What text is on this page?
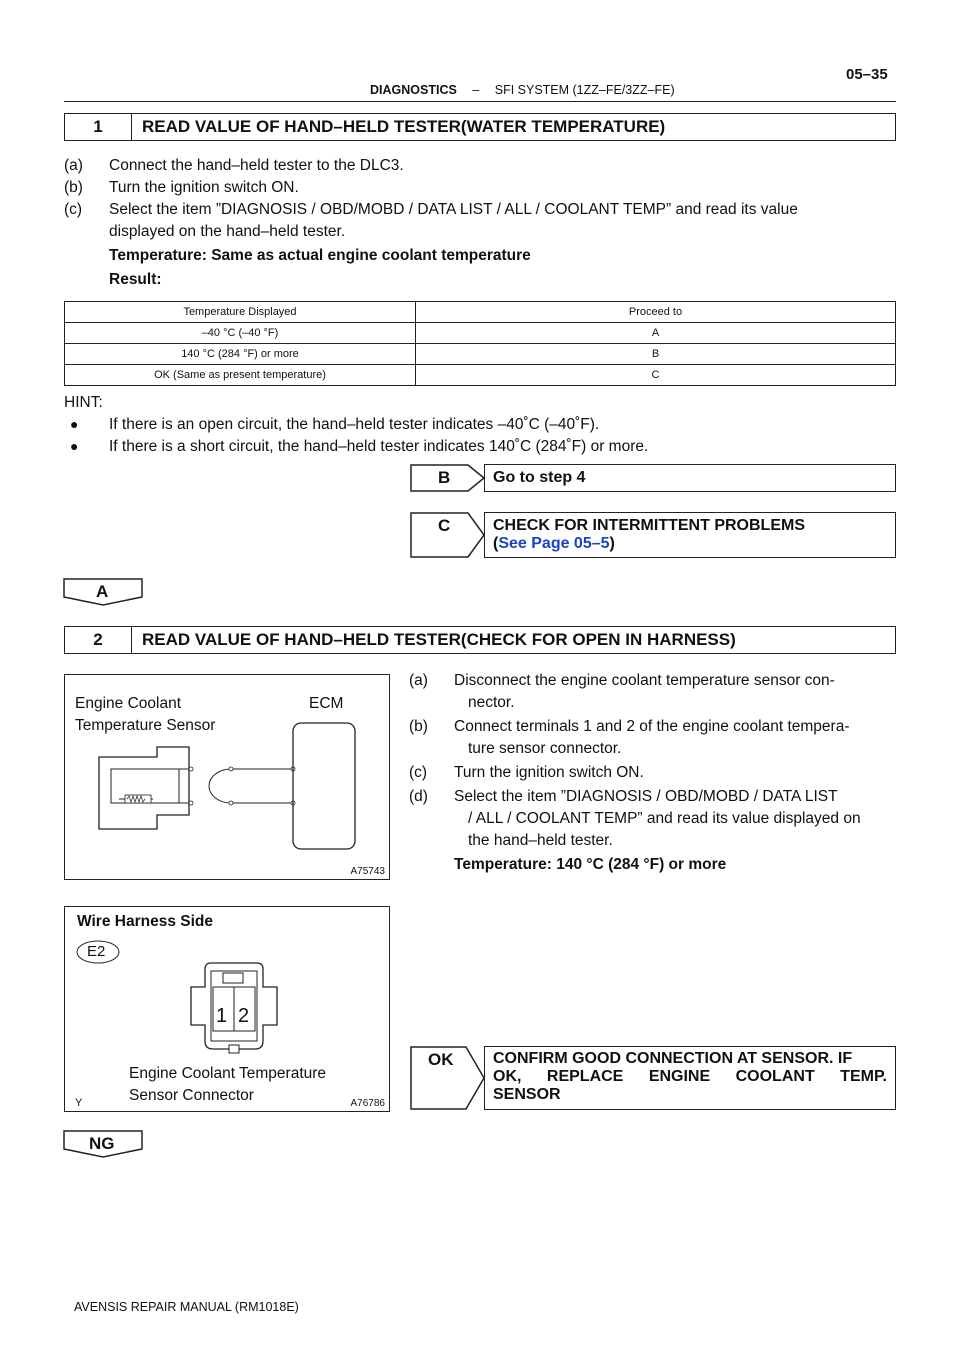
DIAGNOSTICS – SFI SYSTEM (1ZZ–FE/3ZZ–FE)
05–35
1	READ VALUE OF HAND–HELD TESTER(WATER TEMPERATURE)
(a) Connect the hand–held tester to the DLC3.
(b) Turn the ignition switch ON.
(c) Select the item ”DIAGNOSIS / OBD/MOBD / DATA LIST / ALL / COOLANT TEMP” and read its value
displayed on the hand–held tester.
Temperature: Same as actual engine coolant temperature
Result:
Temperature Displayed	Proceed to
–40 °C (–40 °F)	A
140 °C (284 °F) or more	B
OK (Same as present temperature)	C
HINT:
● If there is an open circuit, the hand–held tester indicates –40˚C (–40˚F).
● If there is a short circuit, the hand–held tester indicates 140˚C (284˚F) or more.
B	Go to step 4
C	CHECK FOR INTERMITTENT PROBLEMS
(See Page 05–5)
A
2	READ VALUE OF HAND–HELD TESTER(CHECK FOR OPEN IN HARNESS)
Engine Coolant
Temperature Sensor
ECM
A75743
Wire Harness Side
E2
1 2
Engine Coolant Temperature
Sensor Connector
Y	A76786
(a) Disconnect the engine coolant temperature sensor con-
nector.
(b) Connect terminals 1 and 2 of the engine coolant tempera-
ture sensor connector.
(c) Turn the ignition switch ON.
(d) Select the item ”DIAGNOSIS / OBD/MOBD / DATA LIST
/ ALL / COOLANT TEMP” and read its value displayed on
the hand–held tester.
Temperature: 140 °C (284 °F) or more
OK CONFIRM GOOD CONNECTION AT SENSOR. IF
OK, REPLACE ENGINE COOLANT TEMP.
SENSOR
NG
AVENSIS REPAIR MANUAL (RM1018E)
